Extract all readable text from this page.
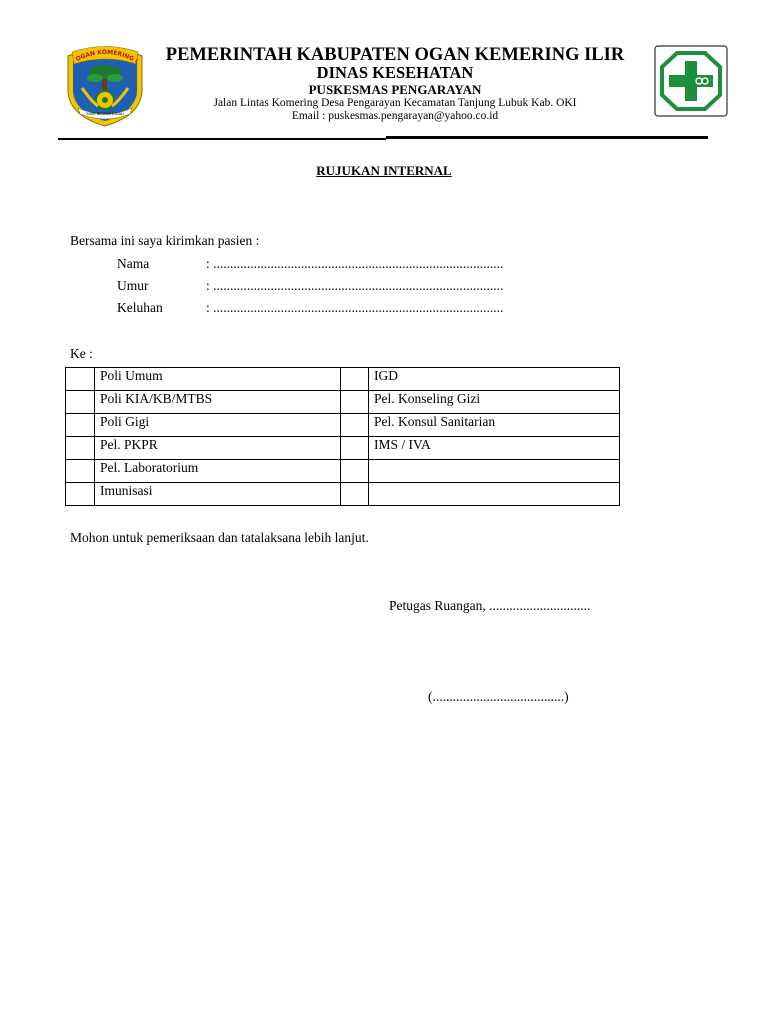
OGAN KOMERING I
BUMI BEGAWI JUDAH
PEMERINTAH KABUPATEN OGAN KEMERING ILIR
DINAS KESEHATAN
PUSKESMAS PENGARAYAN
Jalan Lintas Komering Desa Pengarayan Kecamatan Tanjung Lubuk Kab. OKI
Email : puskesmas.pengarayan@yahoo.co.id
RUJUKAN INTERNAL
Bersama ini saya kirimkan pasien :
Nama	: ......................................................................................
Umur	: ......................................................................................
Keluhan	: ......................................................................................
Ke :
	Poli Umum		IGD
	Poli KIA/KB/MTBS		Pel. Konseling Gizi
	Poli Gigi		Pel. Konsul Sanitarian
	Pel. PKPR		IMS / IVA
	Pel. Laboratorium		
	Imunisasi		
Mohon untuk pemeriksaan dan tatalaksana lebih lanjut.
Petugas Ruangan, ..............................
(.......................................)
